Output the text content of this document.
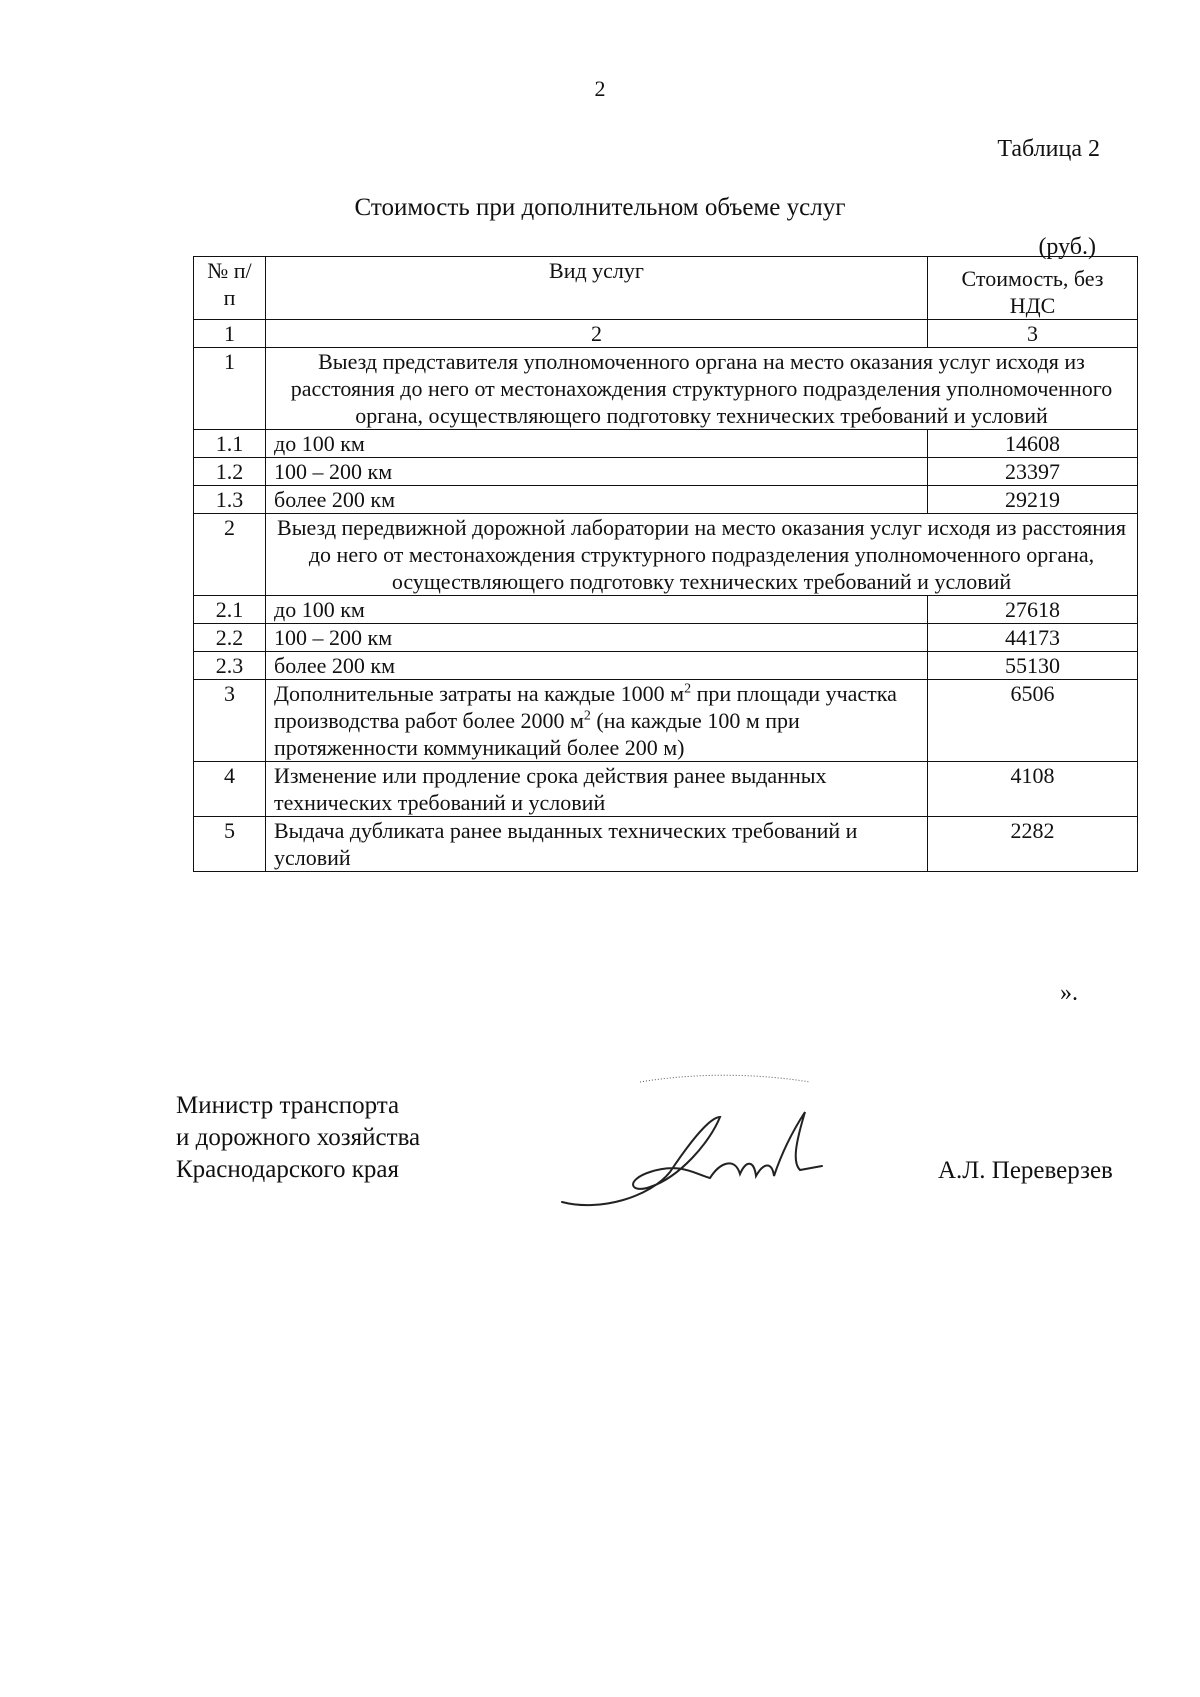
2
Таблица 2
Стоимость при дополнительном объеме услуг
(руб.)
№ п/п	Вид услуг	Стоимость, без НДС
1	2	3
1	Выезд представителя уполномоченного органа на место оказания услуг исходя из расстояния до него от местонахождения структурного подразделения уполномоченного органа, осуществляющего подготовку технических требований и условий	
1.1	до 100 км	14608
1.2	100 – 200 км	23397
1.3	более 200 км	29219
2	Выезд передвижной дорожной лаборатории на место оказания услуг исходя из расстояния до него от местонахождения структурного подразделения уполномоченного органа, осуществляющего подготовку технических требований и условий	
2.1	до 100 км	27618
2.2	100 – 200 км	44173
2.3	более 200 км	55130
3	Дополнительные затраты на каждые 1000 $м^2$ при площади участка производства работ более 2000 $м^2$ (на каждые 100 м при протяженности коммуникаций более 200 м)	6506
4	Изменение или продление срока действия ранее выданных технических требований и условий	4108
5	Выдача дубликата ранее выданных технических требований и условий	2282
».
Министр транспорта
и дорожного хозяйства
Краснодарского края	А.Л. Переверзев
